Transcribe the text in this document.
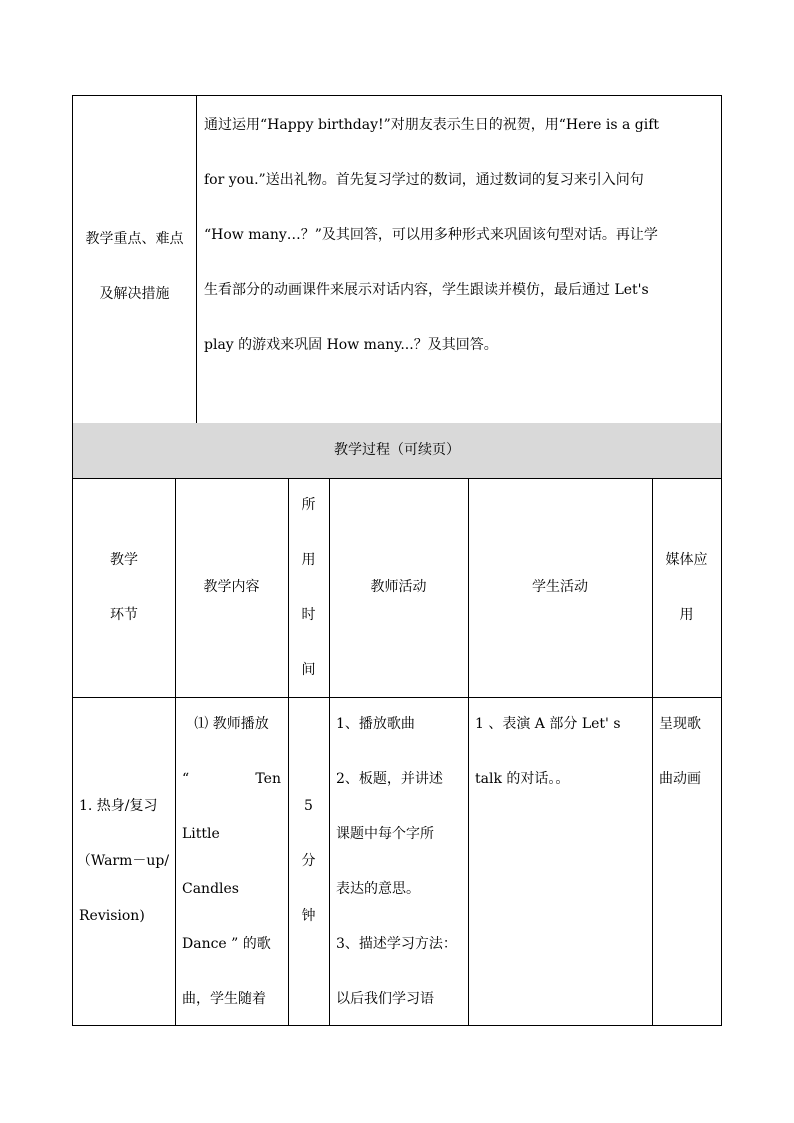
教学重点、难点

及解决措施

通过运用“Happy birthday!”对朋友表示生日的祝贺，用“Here is a gift

for you.”送出礼物。首先复习学过的数词，通过数词的复习来引入问句

“How many…？”及其回答，可以用多种形式来巩固该句型对话。再让学

生看部分的动画课件来展示对话内容，学生跟读并模仿，最后通过 Let's

play 的游戏来巩固 How many...？及其回答。

教学过程（可续页）

教学

环节

教学内容

所

用

时

间

教师活动	学生活动

媒体应

用

1. 热身/复习

（Warm－up/

Revision)

⑴ 教师播放

“ Ten

Little

Candles

Dance ” 的歌

曲，学生随着

5

分

钟

1、播放歌曲

2、板题，并讲述

课题中每个字所

表达的意思。

3、描述学习方法：

以后我们学习语

1 、表演 A 部分 Let' s

talk 的对话。。

呈现歌

曲动画
